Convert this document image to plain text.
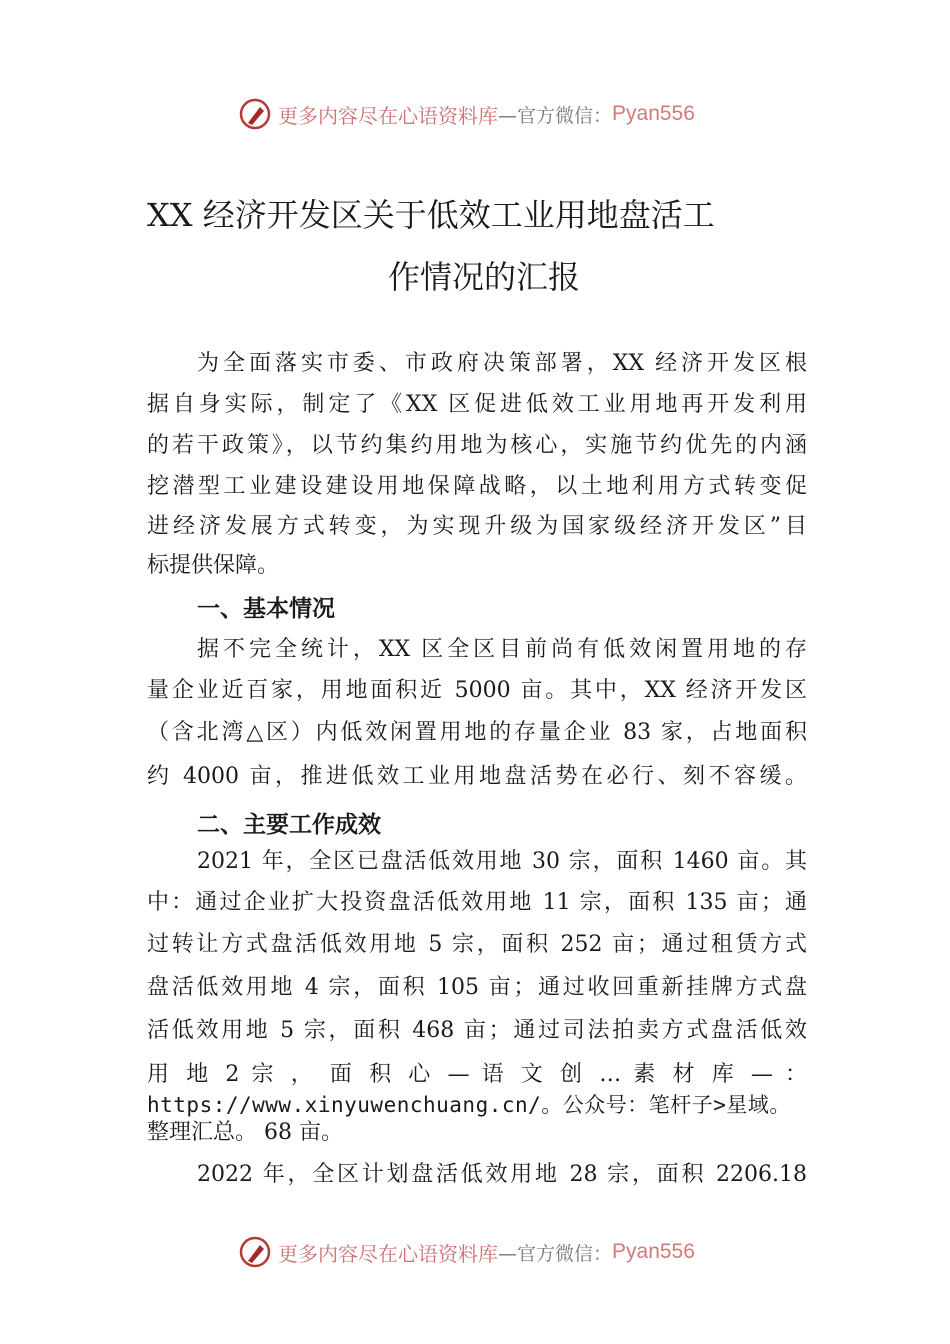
更多内容尽在心语资料库 —官方微信： Pyan556
XX 经济开发区关于低效工业用地盘活工
作情况的汇报
为全面落实市委、市政府决策部署，XX 经济开发区根
据自身实际，制定了《XX 区促进低效工业用地再开发利用
的若干政策》，以节约集约用地为核心，实施节约优先的内涵
挖潜型工业建设建设用地保障战略，以土地利用方式转变促
进经济发展方式转变，为实现升级为国家级经济开发区”目
标提供保障。
一、基本情况
据不完全统计，XX 区全区目前尚有低效闲置用地的存
量企业近百家，用地面积近 5000 亩。其中，XX 经济开发区
（含北湾△区）内低效闲置用地的存量企业 83 家，占地面积
约 4000 亩，推进低效工业用地盘活势在必行、刻不容缓。
二、主要工作成效
2021 年，全区已盘活低效用地 30 宗，面积 1460 亩。其
中：通过企业扩大投资盘活低效用地 11 宗，面积 135 亩；通
过转让方式盘活低效用地 5 宗，面积 252 亩；通过租赁方式
盘活低效用地 4 宗，面积 105 亩；通过收回重新挂牌方式盘
活低效用地 5 宗，面积 468 亩；通过司法拍卖方式盘活低效
用 地 2 宗 ， 面 积 心 — 语 文 创 … 素 材 库 — ：
https://www.xinyuwenchuang.cn/。公众号：笔杆子>星域。
整理汇总。 68 亩。
2022 年，全区计划盘活低效用地 28 宗，面积 2206.18
更多内容尽在心语资料库 —官方微信： Pyan556
